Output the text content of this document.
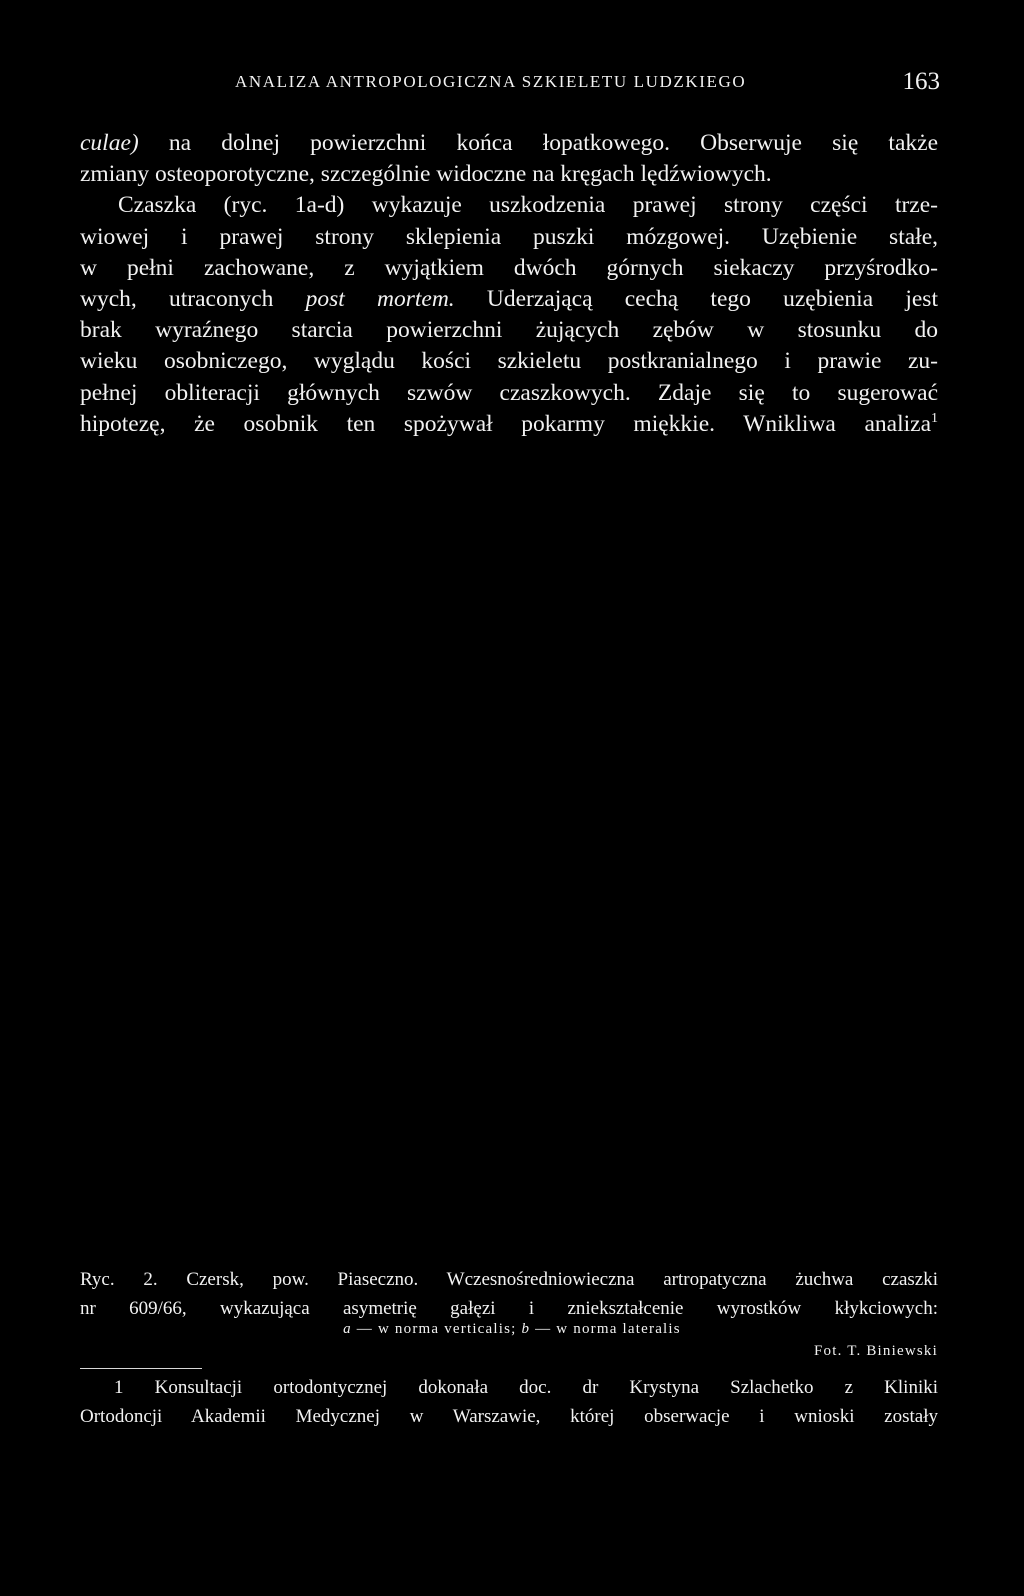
ANALIZA ANTROPOLOGICZNA SZKIELETU LUDZKIEGO	163
culae) na dolnej powierzchni końca łopatkowego. Obserwuje się także
zmiany osteoporotyczne, szczególnie widoczne na kręgach lędźwiowych.
Czaszka (ryc. 1a-d) wykazuje uszkodzenia prawej strony części trze-
wiowej i prawej strony sklepienia puszki mózgowej. Uzębienie stałe,
w pełni zachowane, z wyjątkiem dwóch górnych siekaczy przyśrodko-
wych, utraconych post mortem. Uderzającą cechą tego uzębienia jest
brak wyraźnego starcia powierzchni żujących zębów w stosunku do
wieku osobniczego, wyglądu kości szkieletu postkranialnego i prawie zu-
pełnej obliteracji głównych szwów czaszkowych. Zdaje się to sugerować
hipotezę, że osobnik ten spożywał pokarmy miękkie. Wnikliwa analiza$^1$
Ryc. 2. Czersk, pow. Piaseczno. Wczesnośredniowieczna artropatyczna żuchwa czaszki
nr 609/66, wykazująca asymetrię gałęzi i zniekształcenie wyrostków kłykciowych:
a — w norma verticalis; b — w norma lateralis
Fot. T. Biniewski
1 Konsultacji ortodontycznej dokonała doc. dr Krystyna Szlachetko z Kliniki
Ortodoncji Akademii Medycznej w Warszawie, której obserwacje i wnioski zostały
